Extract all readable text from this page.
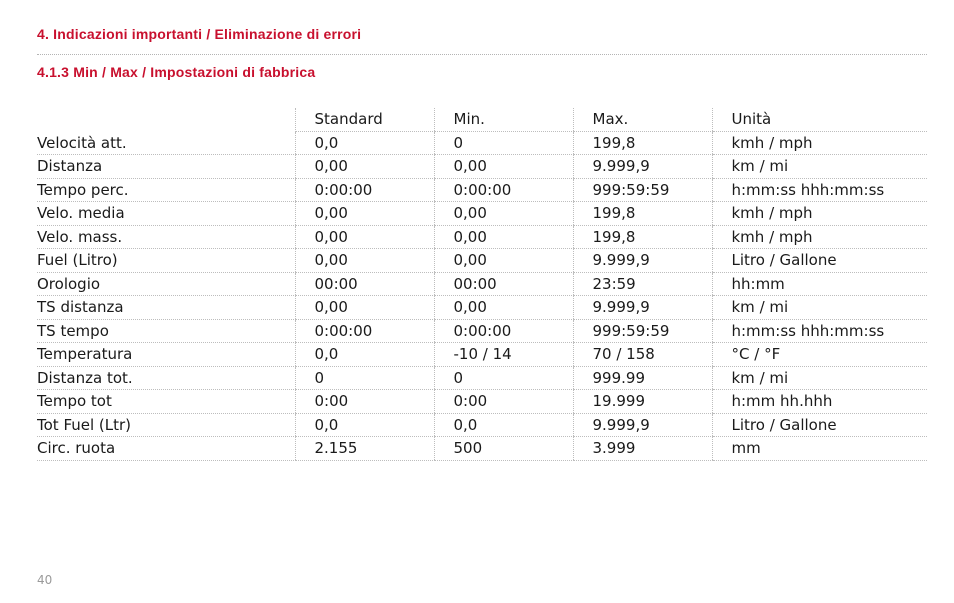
4. Indicazioni importanti / Eliminazione di errori
4.1.3 Min / Max / Impostazioni di fabbrica
	Standard	Min.	Max.	Unità
Velocità att.	0,0	0	199,8	kmh / mph
Distanza	0,00	0,00	9.999,9	km / mi
Tempo perc.	0:00:00	0:00:00	999:59:59	h:mm:ss hhh:mm:ss
Velo. media	0,00	0,00	199,8	kmh / mph
Velo. mass.	0,00	0,00	199,8	kmh / mph
Fuel (Litro)	0,00	0,00	9.999,9	Litro / Gallone
Orologio	00:00	00:00	23:59	hh:mm
TS distanza	0,00	0,00	9.999,9	km / mi
TS tempo	0:00:00	0:00:00	999:59:59	h:mm:ss hhh:mm:ss
Temperatura	0,0	-10 / 14	70 / 158	°C / °F
Distanza tot.	0	0	999.99	km / mi
Tempo tot	0:00	0:00	19.999	h:mm hh.hhh
Tot Fuel (Ltr)	0,0	0,0	9.999,9	Litro / Gallone
Circ. ruota	2.155	500	3.999	mm
40
